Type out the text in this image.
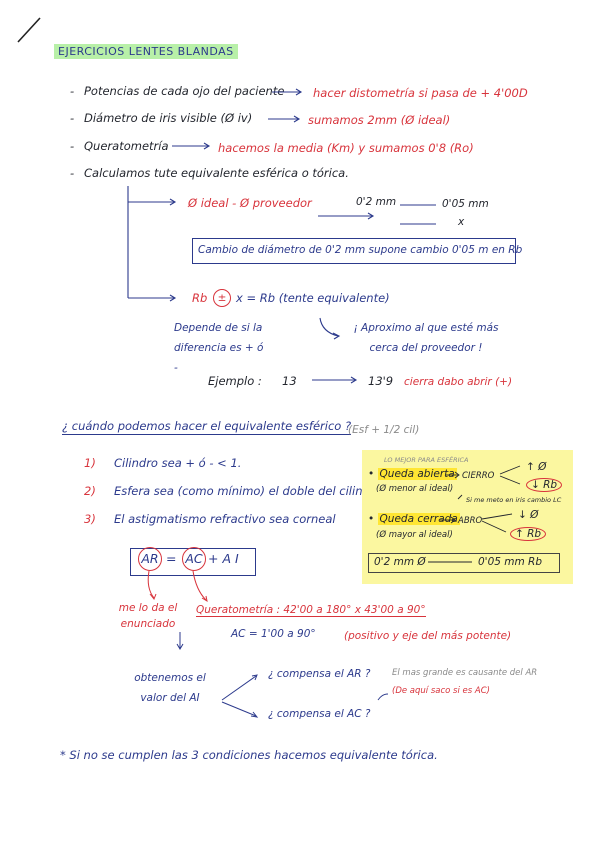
EJERCICIOS LENTES BLANDAS
- Potencias de cada ojo del paciente hacer distometría si pasa de + 4'00D
- Diámetro de iris visible (Ø iv)	sumamos 2mm (Ø ideal)
- Queratometría	hacemos la media (Km) y sumamos 0'8 (Ro)
- Calculamos tute equivalente esférica o tórica.
Ø ideal - Ø proveedor	0'2 mm	0'05 mm
x
Cambio de diámetro de 0'2 mm supone cambio 0'05 m en Rb
Rb ± x = Rb (tente equivalente)
Depende de si la diferencia es + ó -
¡ Aproximo al que esté más cerca del proveedor !
Ejemplo : 13	13'9 cierra dabo abrir (+)
¿ cuándo podemos hacer el equivalente esférico ?
(Esf + 1/2 cil)
1) Cilindro sea + ó - < 1.
2) Esfera sea (como mínimo) el doble del cilin
3) El astigmatismo refractivo sea corneal
LO MEJOR PARA ESFÉRICA
• Queda abierta CIERRO
(Ø menor al ideal)
Si me meto en iris cambio LC
↑ Ø
↓ Rb
• Queda cerrada ABRO
(Ø mayor al ideal)
↓ Ø
↑ Rb
0'2 mm Ø	0'05 mm Rb
AR = AC + A I
me lo da el enunciado
Queratometría : 42'00 a 180° x 43'00 a 90°
AC = 1'00 a 90°	(positivo y eje del más potente)
obtenemos el valor del AI
¿ compensa el AR ?
¿ compensa el AC ?
El mas grande es causante del AR
(De aquí saco si es AC)
* Si no se cumplen las 3 condiciones hacemos equivalente tórica.
